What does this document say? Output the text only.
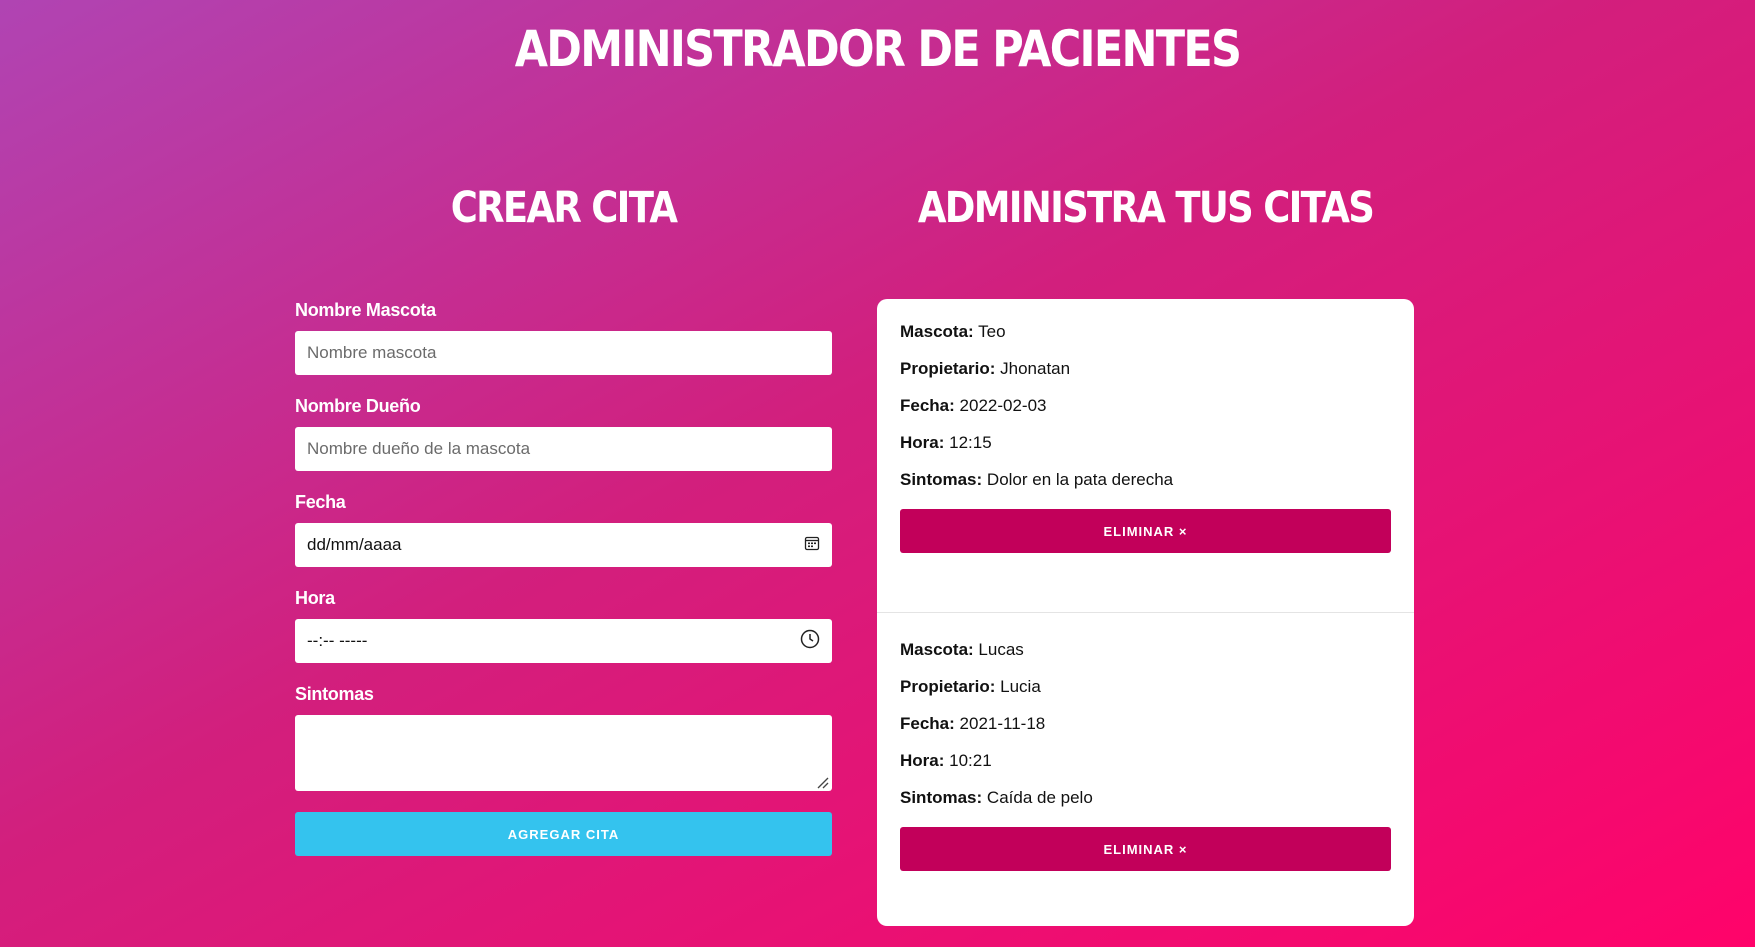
ADMINISTRADOR DE PACIENTES
CREAR CITA	ADMINISTRA TUS CITAS
Nombre Mascota
Nombre mascota
Nombre Dueño
Nombre dueño de la mascota
Fecha
dd/mm/aaaa
Hora
--:-- -----
Sintomas
AGREGAR CITA

Mascota: Teo

Propietario: Jhonatan

Fecha: 2022-02-03

Hora: 12:15

Sintomas: Dolor en la pata derecha

ELIMINAR ×

Mascota: Lucas

Propietario: Lucia

Fecha: 2021-11-18

Hora: 10:21

Sintomas: Caída de pelo

ELIMINAR ×
